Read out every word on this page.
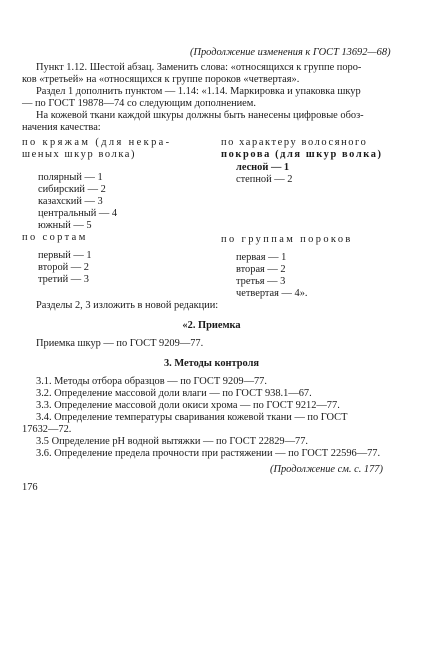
(Продолжение изменения к ГОСТ 13692—68)
Пункт 1.12. Шестой абзац. Заменить слова: «относящихся к группе поро-
ков «третьей» на «относящихся к группе пороков «четвертая».
Раздел 1 дополнить пунктом — 1.14: «1.14. Маркировка и упаковка шкур
— по ГОСТ 19878—74 со следующим дополнением.
На кожевой ткани каждой шкуры должны быть нанесены цифровые обоз-
начения качества:
по кряжам (для некра-
шеных шкур волка)
полярный — 1
сибирский — 2
казахский — 3
центральный — 4
южный — 5
по характеру волосяного
покрова (для шкур волка)
лесной — 1
степной — 2
по сортам
первый — 1
второй — 2
третий — 3
по группам пороков
первая — 1
вторая — 2
третья — 3
четвертая — 4».
Разделы 2, 3 изложить в новой редакции:
«2. Приемка
Приемка шкур — по ГОСТ 9209—77.
3. Методы контроля
3.1. Методы отбора образцов — по ГОСТ 9209—77.
3.2. Определение массовой доли влаги — по ГОСТ 938.1—67.
3.3. Определение массовой доли окиси хрома — по ГОСТ 9212—77.
3.4. Определение температуры сваривания кожевой ткани — по ГОСТ
17632—72.
3.5 Определение pH водной вытяжки — по ГОСТ 22829—77.
3.6. Определение предела прочности при растяжении — по ГОСТ 22596—77.
(Продолжение см. с. 177)
176
